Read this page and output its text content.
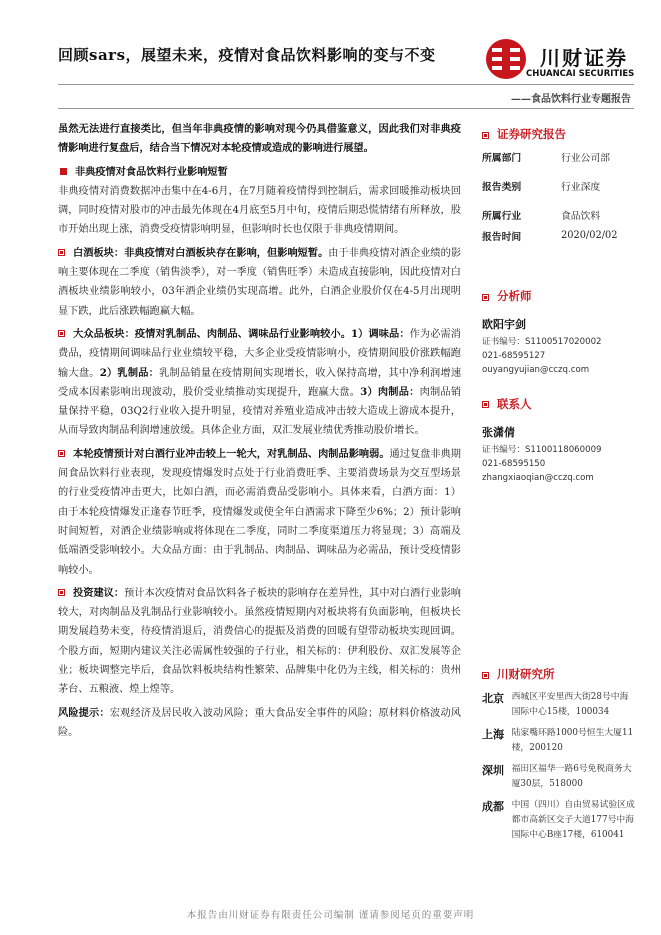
回顾sars，展望未来，疫情对食品饮料影响的变与不变	川财证券
CHUANCAI SECURITIES
——食品饮料行业专题报告

虽然无法进行直接类比，但当年非典疫情的影响对现今仍具借鉴意义，因此我们对非典疫情影响进行复盘后，结合当下情况对本轮疫情或造成的影响进行展望。

非典疫情对食品饮料行业影响短暂

非典疫情对消费数据冲击集中在4-6月，在7月随着疫情得到控制后，需求回暖推动板块回调，同时疫情对股市的冲击最先体现在4月底至5月中旬，疫情后期恐慌情绪有所释放，股市开始出现上涨，消费受疫情影响明显，但影响时长也仅限于非典疫情期间。

白酒板块：非典疫情对白酒板块存在影响，但影响短暂。由于非典疫情对酒企业绩的影响主要体现在二季度（销售淡季），对一季度（销售旺季）未造成直接影响，因此疫情对白酒板块业绩影响较小，03年酒企业绩仍实现高增。此外，白酒企业股价仅在4-5月出现明显下跌，此后涨跌幅跑赢大幅。

大众品板块：疫情对乳制品、肉制品、调味品行业影响较小。1）调味品：作为必需消费品，疫情期间调味品行业业绩较平稳，大多企业受疫情影响小，疫情期间股价涨跌幅跑输大盘。2）乳制品：乳制品销量在疫情期间实现增长，收入保持高增，其中净利润增速受成本因素影响出现波动，股价受业绩推动实现提升，跑赢大盘。3）肉制品：肉制品销量保持平稳，03Q2行业收入提升明显，疫情对养殖业造成冲击较大造成上游成本提升，从而导致肉制品利润增速放缓。具体企业方面，双汇发展业绩优秀推动股价增长。

本轮疫情预计对白酒行业冲击较上一轮大，对乳制品、肉制品影响弱。通过复盘非典期间食品饮料行业表现，发现疫情爆发时点处于行业消费旺季、主要消费场景为交互型场景的行业受疫情冲击更大，比如白酒，而必需消费品受影响小。具体来看，白酒方面：1）由于本轮疫情爆发正逢春节旺季，疫情爆发或使全年白酒需求下降至少6%；2）预计影响时间短暂，对酒企业绩影响或将体现在二季度，同时二季度渠道压力将显现；3）高端及低端酒受影响较小。大众品方面：由于乳制品、肉制品、调味品为必需品，预计受疫情影响较小。

投资建议：预计本次疫情对食品饮料各子板块的影响存在差异性，其中对白酒行业影响较大，对肉制品及乳制品行业影响较小。虽然疫情短期内对板块将有负面影响，但板块长期发展趋势未变，待疫情消退后，消费信心的提振及消费的回暖有望带动板块实现回调。个股方面，短期内建议关注必需属性较强的子行业，相关标的：伊利股份、双汇发展等企业；板块调整完毕后，食品饮料板块结构性繁荣、品牌集中化仍为主线，相关标的：贵州茅台、五粮液、煌上煌等。

风险提示：宏观经济及居民收入波动风险；重大食品安全事件的风险；原材料价格波动风险。

证券研究报告
所属部门	行业公司部
报告类别	行业深度
所属行业	食品饮料
报告时间	2020/02/02
分析师
欧阳宇剑
证书编号：S1100517020002
021-68595127
ouyangyujian@cczq.com
联系人
张潇倩
证书编号：S1100118060009
021-68595150
zhangxiaoqian@cczq.com
川财研究所
北京 西城区平安里西大街28号中海国际中心15楼，100034
上海 陆家嘴环路1000号恒生大厦11楼，200120
深圳 福田区福华一路6号免税商务大厦30层，518000
成都 中国（四川）自由贸易试验区成都市高新区交子大道177号中海国际中心B座17楼，610041
本报告由川财证券有限责任公司编制 谨请参阅尾页的重要声明
